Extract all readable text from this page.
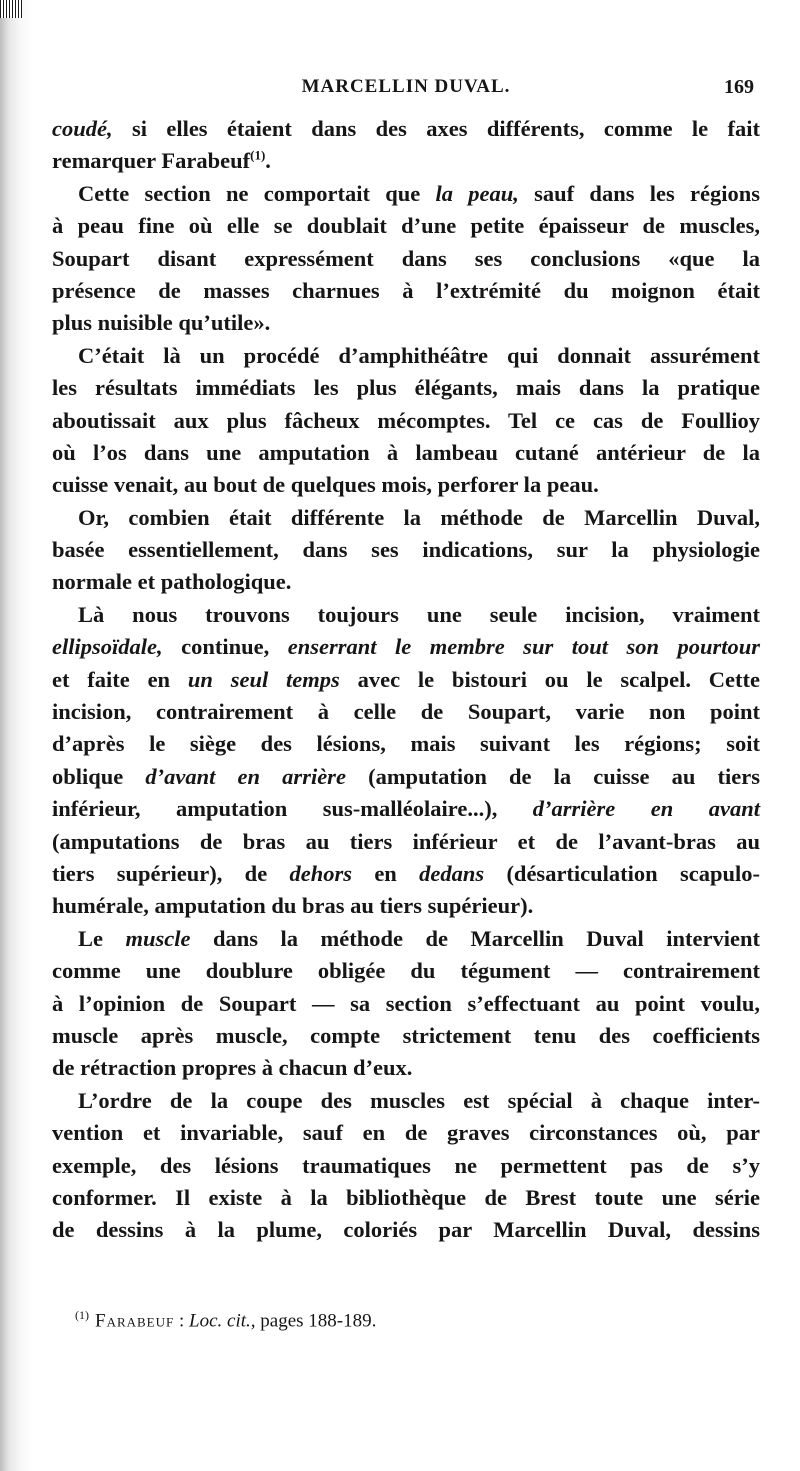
MARCELLIN DUVAL.	169
coudé, si elles étaient dans des axes différents, comme le fait
remarquer Farabeuf$^{(1)}$.
Cette section ne comportait que la peau, sauf dans les régions
à peau fine où elle se doublait d’une petite épaisseur de muscles,
Soupart disant expressément dans ses conclusions «que la
présence de masses charnues à l’extrémité du moignon était
plus nuisible qu’utile».
C’était là un procédé d’amphithéâtre qui donnait assurément
les résultats immédiats les plus élégants, mais dans la pratique
aboutissait aux plus fâcheux mécomptes. Tel ce cas de Foullioy
où l’os dans une amputation à lambeau cutané antérieur de la
cuisse venait, au bout de quelques mois, perforer la peau.
Or, combien était différente la méthode de Marcellin Duval,
basée essentiellement, dans ses indications, sur la physiologie
normale et pathologique.
Là nous trouvons toujours une seule incision, vraiment
ellipsoïdale, continue, enserrant le membre sur tout son pourtour
et faite en un seul temps avec le bistouri ou le scalpel. Cette
incision, contrairement à celle de Soupart, varie non point
d’après le siège des lésions, mais suivant les régions; soit
oblique d’avant en arrière (amputation de la cuisse au tiers
inférieur, amputation sus-malléolaire...), d’arrière en avant
(amputations de bras au tiers inférieur et de l’avant-bras au
tiers supérieur), de dehors en dedans (désarticulation scapulo-
humérale, amputation du bras au tiers supérieur).
Le muscle dans la méthode de Marcellin Duval intervient
comme une doublure obligée du tégument — contrairement
à l’opinion de Soupart — sa section s’effectuant au point voulu,
muscle après muscle, compte strictement tenu des coefficients
de rétraction propres à chacun d’eux.
L’ordre de la coupe des muscles est spécial à chaque inter-
vention et invariable, sauf en de graves circonstances où, par
exemple, des lésions traumatiques ne permettent pas de s’y
conformer. Il existe à la bibliothèque de Brest toute une série
de dessins à la plume, coloriés par Marcellin Duval, dessins
$^{(1)}$ Farabeuf : Loc. cit., pages 188-189.
